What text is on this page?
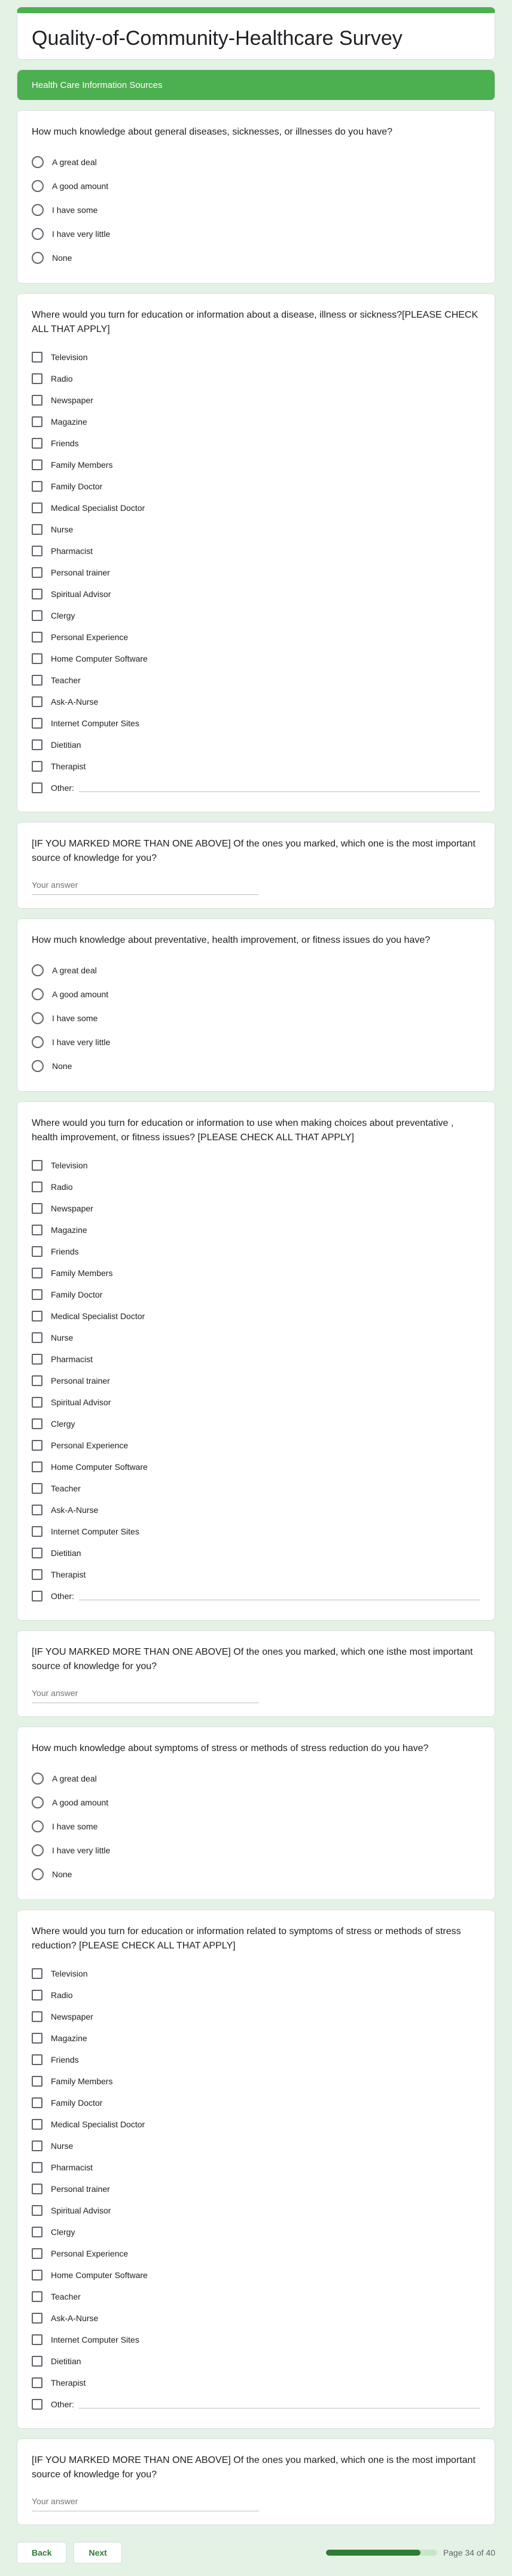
Quality-of-Community-Healthcare Survey
Health Care Information Sources
How much knowledge about general diseases, sicknesses, or illnesses do you have?
A great deal
A good amount
I have some
I have very little
None
Where would you turn for education or information about a disease, illness or sickness?[PLEASE CHECK ALL THAT APPLY]
Television
Radio
Newspaper
Magazine
Friends
Family Members
Family Doctor
Medical Specialist Doctor
Nurse
Pharmacist
Personal trainer
Spiritual Advisor
Clergy
Personal Experience
Home Computer Software
Teacher
Ask-A-Nurse
Internet Computer Sites
Dietitian
Therapist
Other:
[IF YOU MARKED MORE THAN ONE ABOVE] Of the ones you marked, which one is the most important source of knowledge for you?
Your answer
How much knowledge about preventative, health improvement, or fitness issues do you have?
A great deal
A good amount
I have some
I have very little
None
Where would you turn for education or information to use when making choices about preventative , health improvement, or fitness issues? [PLEASE CHECK ALL THAT APPLY]
Television
Radio
Newspaper
Magazine
Friends
Family Members
Family Doctor
Medical Specialist Doctor
Nurse
Pharmacist
Personal trainer
Spiritual Advisor
Clergy
Personal Experience
Home Computer Software
Teacher
Ask-A-Nurse
Internet Computer Sites
Dietitian
Therapist
Other:
[IF YOU MARKED MORE THAN ONE ABOVE] Of the ones you marked, which one isthe most important source of knowledge for you?
Your answer
How much knowledge about symptoms of stress or methods of stress reduction do you have?
A great deal
A good amount
I have some
I have very little
None
Where would you turn for education or information related to symptoms of stress or methods of stress reduction? [PLEASE CHECK ALL THAT APPLY]
Television
Radio
Newspaper
Magazine
Friends
Family Members
Family Doctor
Medical Specialist Doctor
Nurse
Pharmacist
Personal trainer
Spiritual Advisor
Clergy
Personal Experience
Home Computer Software
Teacher
Ask-A-Nurse
Internet Computer Sites
Dietitian
Therapist
Other:
[IF YOU MARKED MORE THAN ONE ABOVE] Of the ones you marked, which one is the most important source of knowledge for you?
Your answer
Back	Next	Page 34 of 40
